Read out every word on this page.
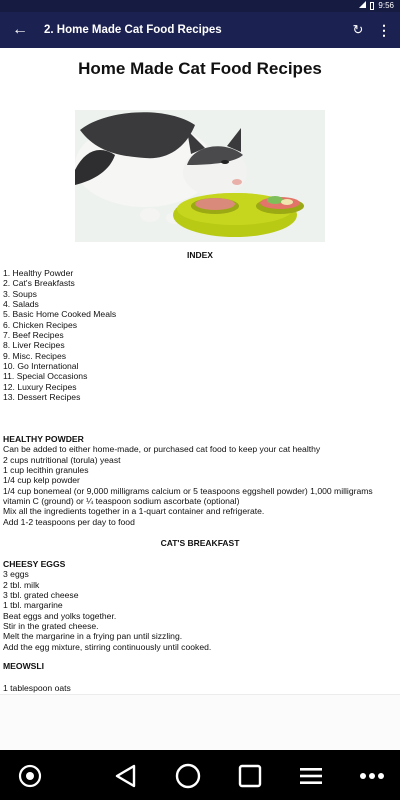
9:56
← 2. Home Made Cat Food Recipes	↻ ⋮
Home Made Cat Food Recipes
INDEX
1. Healthy Powder
2. Cat's Breakfasts
3. Soups
4. Salads
5. Basic Home Cooked Meals
6. Chicken Recipes
7. Beef Recipes
8. Liver Recipes
9. Misc. Recipes
10. Go International
11. Special Occasions
12. Luxury Recipes
13. Dessert Recipes
HEALTHY POWDER
Can be added to either home-made, or purchased cat food to keep your cat healthy
2 cups nutritional (torula) yeast
1 cup lecithin granules
1/4 cup kelp powder
1/4 cup bonemeal (or 9,000 milligrams calcium or 5 teaspoons eggshell powder) 1,000 milligrams vitamin C (ground) or ¼ teaspoon sodium ascorbate (optional)
Mix all the ingredients together in a 1-quart container and refrigerate.
Add 1-2 teaspoons per day to food
CAT'S BREAKFAST
CHEESY EGGS
3 eggs
2 tbl. milk
3 tbl. grated cheese
1 tbl. margarine
Beat eggs and yolks together.
Stir in the grated cheese.
Melt the margarine in a frying pan until sizzling.
Add the egg mixture, stirring continuously until cooked.
MEOWSLI
1 tablespoon oats
